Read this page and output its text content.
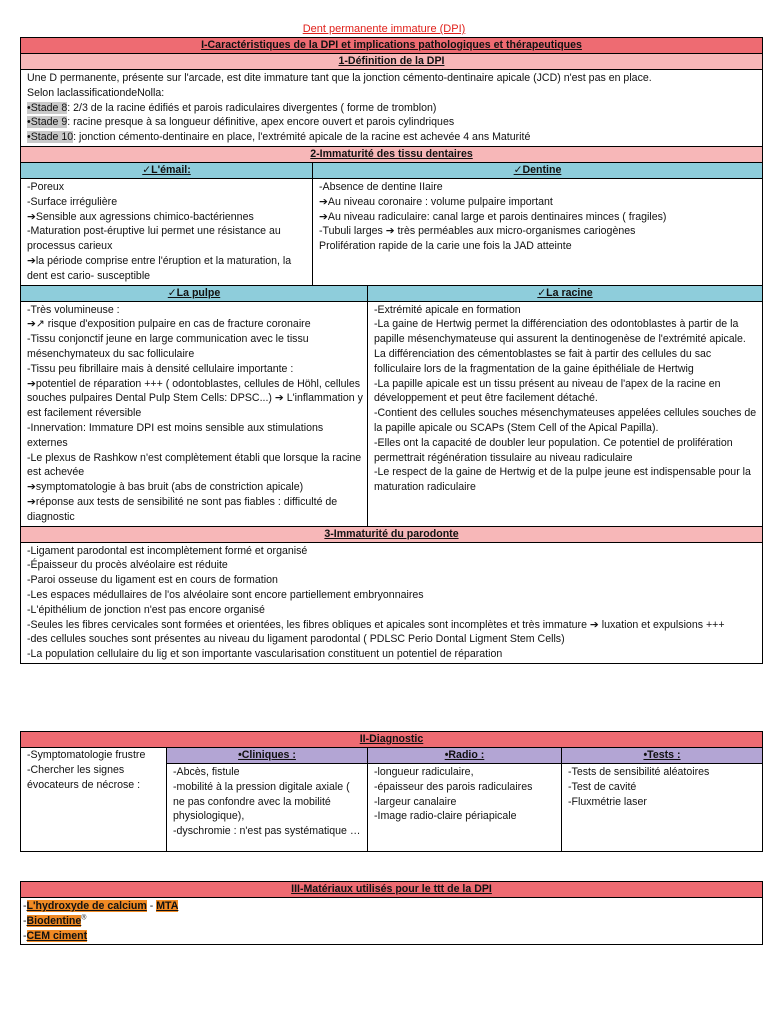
Dent permanente immature (DPI)
I-Caractéristiques de la DPI et implications pathologiques et thérapeutiques
1-Définition de la DPI
Une D permanente, présente sur l'arcade, est dite immature tant que la jonction cémento-dentinaire apicale (JCD) n'est pas en place.
Selon laclassificationdeNolla:
•Stade 8: 2/3 de la racine édifiés et parois radiculaires divergentes ( forme de tromblon)
•Stade 9: racine presque à sa longueur définitive, apex encore ouvert et parois cylindriques
•Stade 10: jonction cémento-dentinaire en place, l'extrémité apicale de la racine est achevée 4 ans Maturité
2-Immaturité des tissu dentaires
✓L'émail:
-Poreux
-Surface irrégulière
➔Sensible aux agressions chimico-bactériennes
-Maturation post-éruptive lui permet une résistance au processus carieux
➔la période comprise entre l'éruption et la maturation, la dent est cario- susceptible
✓Dentine
-Absence de dentine IIaire
➔Au niveau coronaire : volume pulpaire important
➔Au niveau radiculaire: canal large et parois dentinaires minces ( fragiles)
-Tubuli larges ➔ très perméables aux micro-organismes cariogènes
Prolifération rapide de la carie une fois la JAD atteinte
✓La pulpe
-Très volumineuse :
➔↗ risque d'exposition pulpaire en cas de fracture coronaire
-Tissu conjonctif jeune en large communication avec le tissu mésenchymateux du sac folliculaire
-Tissu peu fibrillaire mais à densité cellulaire importante :
➔potentiel de réparation +++ ( odontoblastes, cellules de Höhl, cellules souches pulpaires Dental Pulp Stem Cells: DPSC...) ➔ L'inflammation y est facilement réversible
-Innervation: Immature DPI est moins sensible aux stimulations externes
-Le plexus de Rashkow n'est complètement établi que lorsque la racine est achevée
➔symptomatologie à bas bruit (abs de constriction apicale)
➔réponse aux tests de sensibilité ne sont pas fiables : difficulté de diagnostic
✓La racine
-Extrémité apicale en formation
-La gaine de Hertwig permet la différenciation des odontoblastes à partir de la papille mésenchymateuse qui assurent la dentinogenèse de l'extrémité apicale.
La différenciation des cémentoblastes se fait à partir des cellules du sac folliculaire lors de la fragmentation de la gaine épithéliale de Hertwig
-La papille apicale est un tissu présent au niveau de l'apex de la racine en développement et peut être facilement détaché.
-Contient des cellules souches mésenchymateuses appelées cellules souches de la papille apicale ou SCAPs (Stem Cell of the Apical Papilla).
-Elles ont la capacité de doubler leur population. Ce potentiel de prolifération permettrait régénération tissulaire au niveau radiculaire
-Le respect de la gaine de Hertwig et de la pulpe jeune est indispensable pour la maturation radiculaire
3-Immaturité du parodonte
-Ligament parodontal est incomplètement formé et organisé
-Épaisseur du procès alvéolaire est réduite
-Paroi osseuse du ligament est en cours de formation
-Les espaces médullaires de l'os alvéolaire sont encore partiellement embryonnaires
-L'épithélium de jonction n'est pas encore organisé
-Seules les fibres cervicales sont formées et orientées, les fibres obliques et apicales sont incomplètes et très immature ➔ luxation et expulsions +++
-des cellules souches sont présentes au niveau du ligament parodontal ( PDLSC Perio Dontal Ligment Stem Cells)
-La population cellulaire du lig et son importante vascularisation constituent un potentiel de réparation
II-Diagnostic
-Symptomatologie frustre
-Chercher les signes évocateurs de nécrose :
•Cliniques :
-Abcès, fistule
-mobilité à la pression digitale axiale ( ne pas confondre avec la mobilité physiologique),
-dyschromie : n'est pas systématique …
•Radio :
-longueur radiculaire,
-épaisseur des parois radiculaires
-largeur canalaire
-Image radio-claire périapicale
•Tests :
-Tests de sensibilité aléatoires
-Test de cavité
-Fluxmétrie laser
III-Matériaux utilisés pour le ttt de la DPI
-L'hydroxyde de calcium - MTA
-Biodentine®
-CEM ciment
